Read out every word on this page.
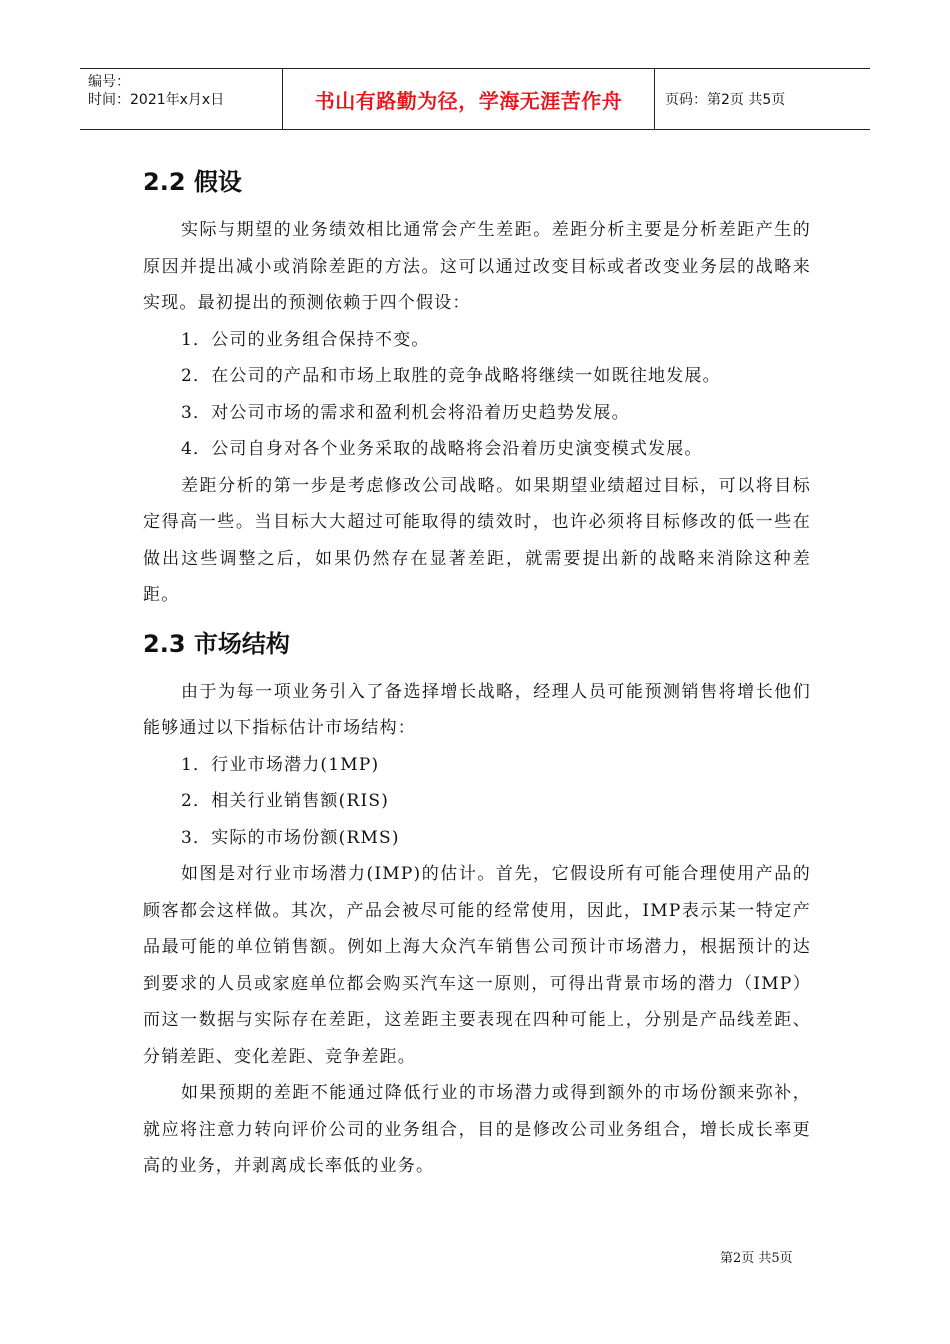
编号：
时间：2021年x月x日	书山有路勤为径，学海无涯苦作舟	页码：第2页 共5页
2.2 假设

实际与期望的业务绩效相比通常会产生差距。差距分析主要是分析差距产生的原因并提出减小或消除差距的方法。这可以通过改变目标或者改变业务层的战略来实现。最初提出的预测依赖于四个假设：

1．公司的业务组合保持不变。

2．在公司的产品和市场上取胜的竞争战略将继续一如既往地发展。

3．对公司市场的需求和盈利机会将沿着历史趋势发展。

4．公司自身对各个业务采取的战略将会沿着历史演变模式发展。

差距分析的第一步是考虑修改公司战略。如果期望业绩超过目标，可以将目标定得高一些。当目标大大超过可能取得的绩效时，也许必须将目标修改的低一些在做出这些调整之后，如果仍然存在显著差距，就需要提出新的战略来消除这种差距。

2.3 市场结构

由于为每一项业务引入了备选择增长战略，经理人员可能预测销售将增长他们能够通过以下指标估计市场结构：

1．行业市场潜力(1MP)

2．相关行业销售额(RIS)

3．实际的市场份额(RMS)

如图是对行业市场潜力(IMP)的估计。首先，它假设所有可能合理使用产品的顾客都会这样做。其次，产品会被尽可能的经常使用，因此，IMP表示某一特定产品最可能的单位销售额。例如上海大众汽车销售公司预计市场潜力，根据预计的达到要求的人员或家庭单位都会购买汽车这一原则，可得出背景市场的潜力（IMP）而这一数据与实际存在差距，这差距主要表现在四种可能上，分别是产品线差距、分销差距、变化差距、竞争差距。

如果预期的差距不能通过降低行业的市场潜力或得到额外的市场份额来弥补，就应将注意力转向评价公司的业务组合，目的是修改公司业务组合，增长成长率更高的业务，并剥离成长率低的业务。

第2页 共5页
